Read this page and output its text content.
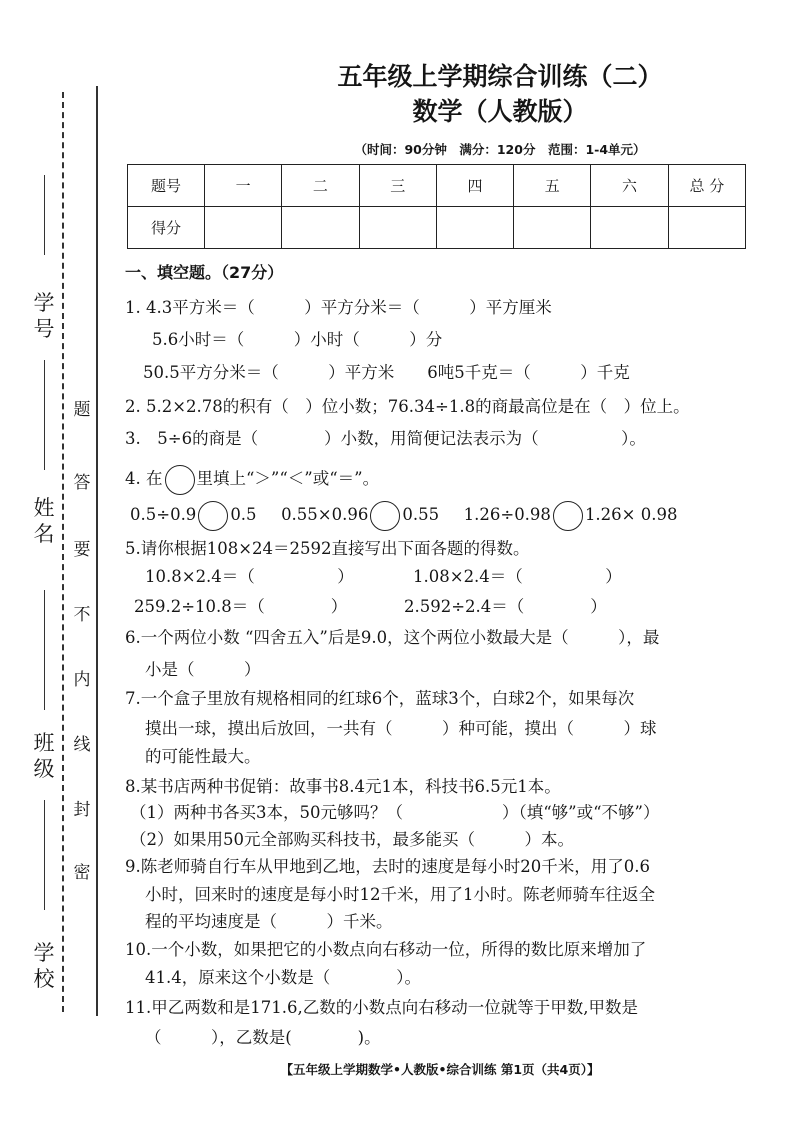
学号
姓名
班级
学校
题
答
要
不
内
线
封
密
五年级上学期综合训练（二）
数学（人教版）
（时间：90分钟　满分：120分　范围：1-4单元）
题号	一	二	三	四	五	六	总 分
得分							
一、填空题。（27分）
1. 4.3平方米＝（　　　）平方分米＝（　　　）平方厘米
5.6小时＝（　　　）小时（　　　）分
50.5平方分米＝（　　　）平方米　　6吨5千克＝（　　　）千克
2. 5.2×2.78的积有（　）位小数；76.34÷1.8的商最高位是在（　）位上。
3.　5÷6的商是（　　　　）小数，用简便记法表示为（　　　　　）。
4. 在 里填上“＞”“＜”或“＝”。
0.5÷0.9 0.5 0.55×0.96 0.55 1.26÷0.98 1.26× 0.98
5.请你根据108×24＝2592直接写出下面各题的得数。
10.8×2.4＝（　　　　　）	1.08×2.4＝（　　　　　）
259.2÷10.8＝（　　　　）	2.592÷2.4＝（　　　　）
6.一个两位小数 “四舍五入”后是9.0，这个两位小数最大是（　　　），最
小是（　　　）
7.一个盒子里放有规格相同的红球6个，蓝球3个，白球2个，如果每次
摸出一球，摸出后放回，一共有（　　　）种可能，摸出（　　　）球
的可能性最大。
8.某书店两种书促销：故事书8.4元1本，科技书6.5元1本。
（1）两种书各买3本，50元够吗？（　　　　　　）（填“够”或“不够”）
（2）如果用50元全部购买科技书，最多能买（　　　）本。
9.陈老师骑自行车从甲地到乙地，去时的速度是每小时20千米，用了0.6
小时，回来时的速度是每小时12千米，用了1小时。陈老师骑车往返全
程的平均速度是（　　　）千米。
10.一个小数，如果把它的小数点向右移动一位，所得的数比原来增加了
41.4，原来这个小数是（　　　　）。
11.甲乙两数和是171.6,乙数的小数点向右移动一位就等于甲数,甲数是
（　　　），乙数是(　　　　)。
【五年级上学期数学•人教版•综合训练 第1页（共4页）】
